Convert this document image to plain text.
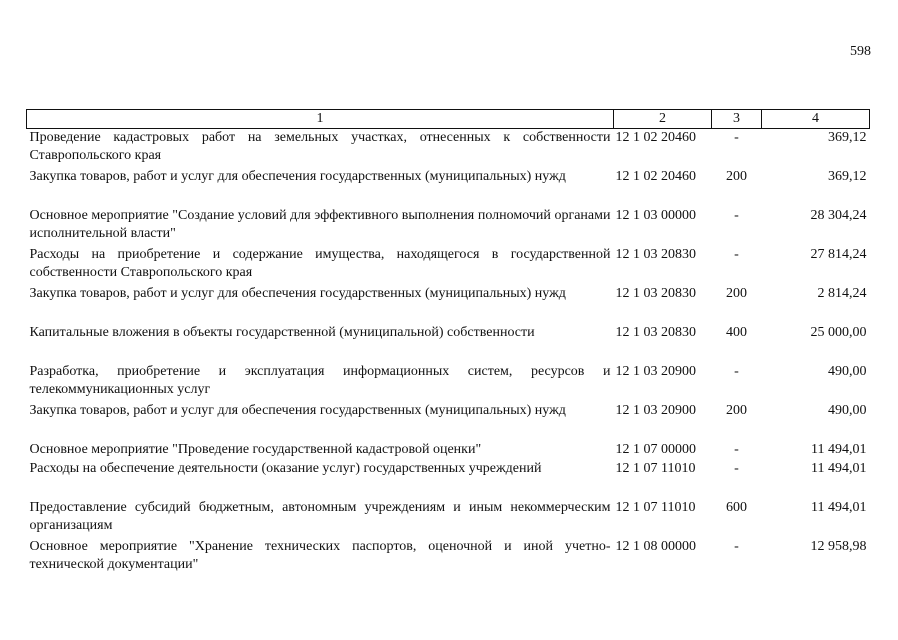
598
1	2	3	4
Проведение кадастровых работ на земельных участках, отнесенных к собственности Ставропольского края	12 1 02 20460	-	369,12
Закупка товаров, работ и услуг для обеспечения государственных (муниципальных) нужд	12 1 02 20460	200	369,12
Основное мероприятие "Создание условий для эффективного выполнения полномочий органами исполнительной власти"	12 1 03 00000	-	28 304,24
Расходы на приобретение и содержание имущества, находящегося в государственной собственности Ставропольского края	12 1 03 20830	-	27 814,24
Закупка товаров, работ и услуг для обеспечения государственных (муниципальных) нужд	12 1 03 20830	200	2 814,24
Капитальные вложения в объекты государственной (муниципальной) собственности	12 1 03 20830	400	25 000,00
Разработка, приобретение и эксплуатация информационных систем, ресурсов и телекоммуникационных услуг	12 1 03 20900	-	490,00
Закупка товаров, работ и услуг для обеспечения государственных (муниципальных) нужд	12 1 03 20900	200	490,00
Основное мероприятие "Проведение государственной кадастровой оценки"	12 1 07 00000	-	11 494,01
Расходы на обеспечение деятельности (оказание услуг) государственных учреждений	12 1 07 11010	-	11 494,01
Предоставление субсидий бюджетным, автономным учреждениям и иным некоммерческим организациям	12 1 07 11010	600	11 494,01
Основное мероприятие "Хранение технических паспортов, оценочной и иной учетно-технической документации"	12 1 08 00000	-	12 958,98
